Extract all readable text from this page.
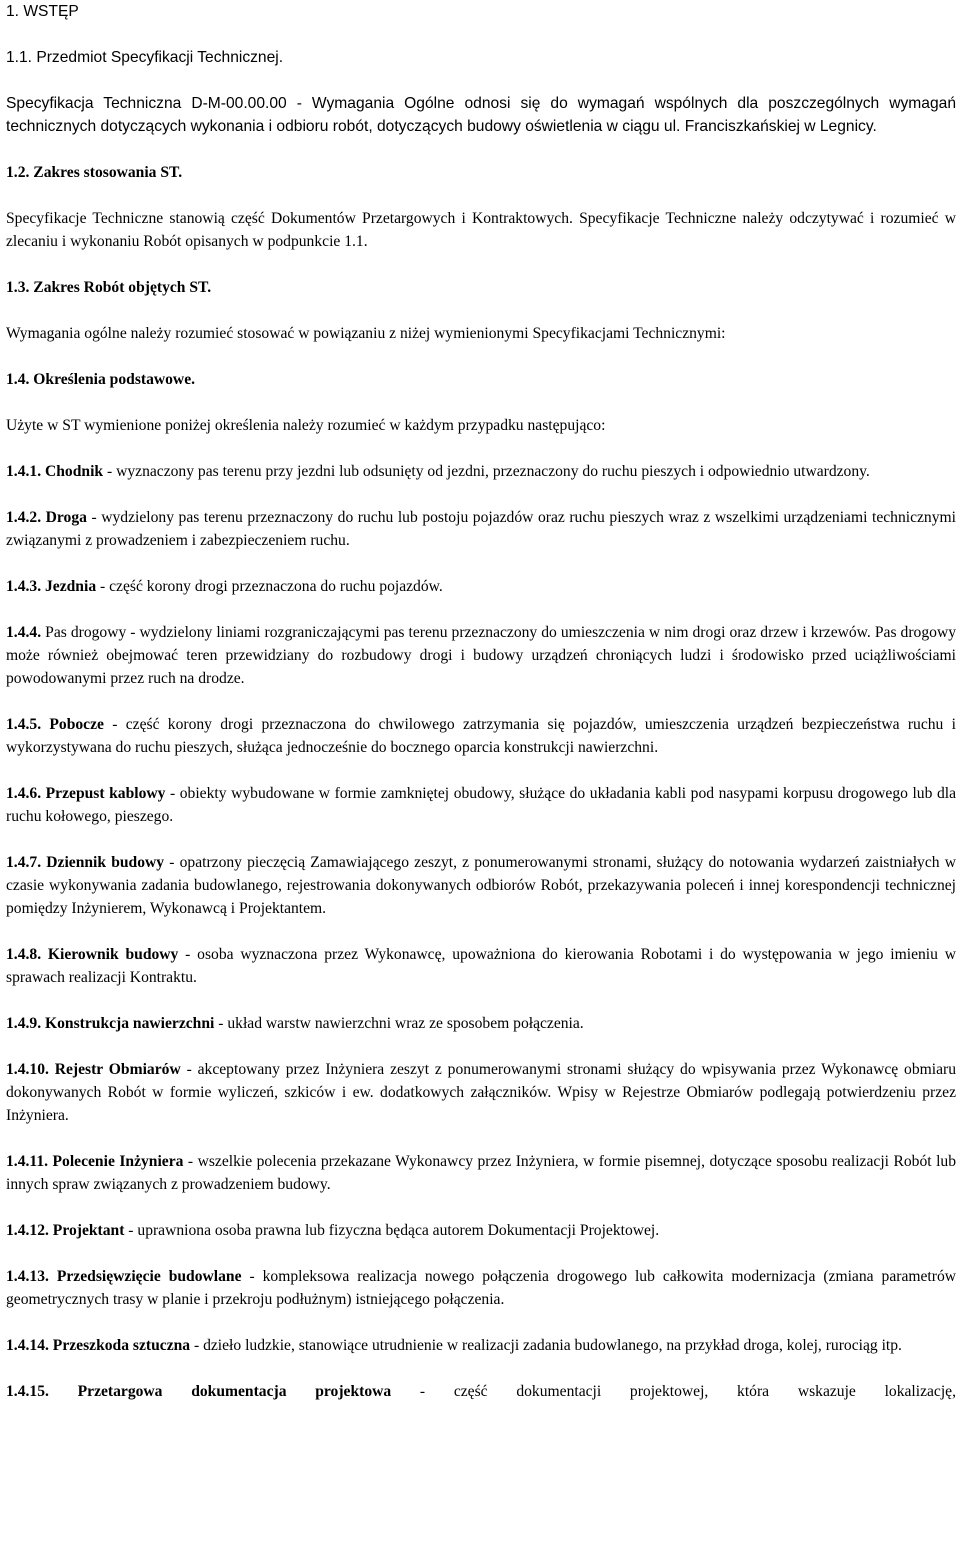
1. WSTĘP

1.1. Przedmiot Specyfikacji Technicznej.

Specyfikacja Techniczna D-M-00.00.00 - Wymagania Ogólne odnosi się do wymagań wspólnych dla poszczególnych wymagań technicznych dotyczących wykonania i odbioru robót, dotyczących budowy oświetlenia w ciągu ul. Franciszkańskiej w Legnicy.

1.2. Zakres stosowania ST.

Specyfikacje Techniczne stanowią część Dokumentów Przetargowych i Kontraktowych. Specyfikacje Techniczne należy odczytywać i rozumieć w zlecaniu i wykonaniu Robót opisanych w podpunkcie 1.1.

1.3. Zakres Robót objętych ST.

Wymagania ogólne należy rozumieć stosować w powiązaniu z niżej wymienionymi Specyfikacjami Technicznymi:

1.4. Określenia podstawowe.

Użyte w ST wymienione poniżej określenia należy rozumieć w każdym przypadku następująco:

1.4.1. Chodnik - wyznaczony pas terenu przy jezdni lub odsunięty od jezdni, przeznaczony do ruchu pieszych i odpowiednio utwardzony.

1.4.2. Droga - wydzielony pas terenu przeznaczony do ruchu lub postoju pojazdów oraz ruchu pieszych wraz z wszelkimi urządzeniami technicznymi związanymi z prowadzeniem i zabezpieczeniem ruchu.

1.4.3. Jezdnia - część korony drogi przeznaczona do ruchu pojazdów.

1.4.4. Pas drogowy - wydzielony liniami rozgraniczającymi pas terenu przeznaczony do umieszczenia w nim drogi oraz drzew i krzewów. Pas drogowy może również obejmować teren przewidziany do rozbudowy drogi i budowy urządzeń chroniących ludzi i środowisko przed uciążliwościami powodowanymi przez ruch na drodze.

1.4.5. Pobocze - część korony drogi przeznaczona do chwilowego zatrzymania się pojazdów, umieszczenia urządzeń bezpieczeństwa ruchu i wykorzystywana do ruchu pieszych, służąca jednocześnie do bocznego oparcia konstrukcji nawierzchni.

1.4.6. Przepust kablowy - obiekty wybudowane w formie zamkniętej obudowy, służące do układania kabli pod nasypami korpusu drogowego lub dla ruchu kołowego, pieszego.

1.4.7. Dziennik budowy - opatrzony pieczęcią Zamawiającego zeszyt, z ponumerowanymi stronami, służący do notowania wydarzeń zaistniałych w czasie wykonywania zadania budowlanego, rejestrowania dokonywanych odbiorów Robót, przekazywania poleceń i innej korespondencji technicznej pomiędzy Inżynierem, Wykonawcą i Projektantem.

1.4.8. Kierownik budowy - osoba wyznaczona przez Wykonawcę, upoważniona do kierowania Robotami i do występowania w jego imieniu w sprawach realizacji Kontraktu.

1.4.9. Konstrukcja nawierzchni - układ warstw nawierzchni wraz ze sposobem połączenia.

1.4.10. Rejestr Obmiarów - akceptowany przez Inżyniera zeszyt z ponumerowanymi stronami służący do wpisywania przez Wykonawcę obmiaru dokonywanych Robót w formie wyliczeń, szkiców i ew. dodatkowych załączników. Wpisy w Rejestrze Obmiarów podlegają potwierdzeniu przez Inżyniera.

1.4.11. Polecenie Inżyniera - wszelkie polecenia przekazane Wykonawcy przez Inżyniera, w formie pisemnej, dotyczące sposobu realizacji Robót lub innych spraw związanych z prowadzeniem budowy.

1.4.12. Projektant - uprawniona osoba prawna lub fizyczna będąca autorem Dokumentacji Projektowej.

1.4.13. Przedsięwzięcie budowlane - kompleksowa realizacja nowego połączenia drogowego lub całkowita modernizacja (zmiana parametrów geometrycznych trasy w planie i przekroju podłużnym) istniejącego połączenia.

1.4.14. Przeszkoda sztuczna - dzieło ludzkie, stanowiące utrudnienie w realizacji zadania budowlanego, na przykład droga, kolej, rurociąg itp.

1.4.15. Przetargowa dokumentacja projektowa - część dokumentacji projektowej, która wskazuje lokalizację,
